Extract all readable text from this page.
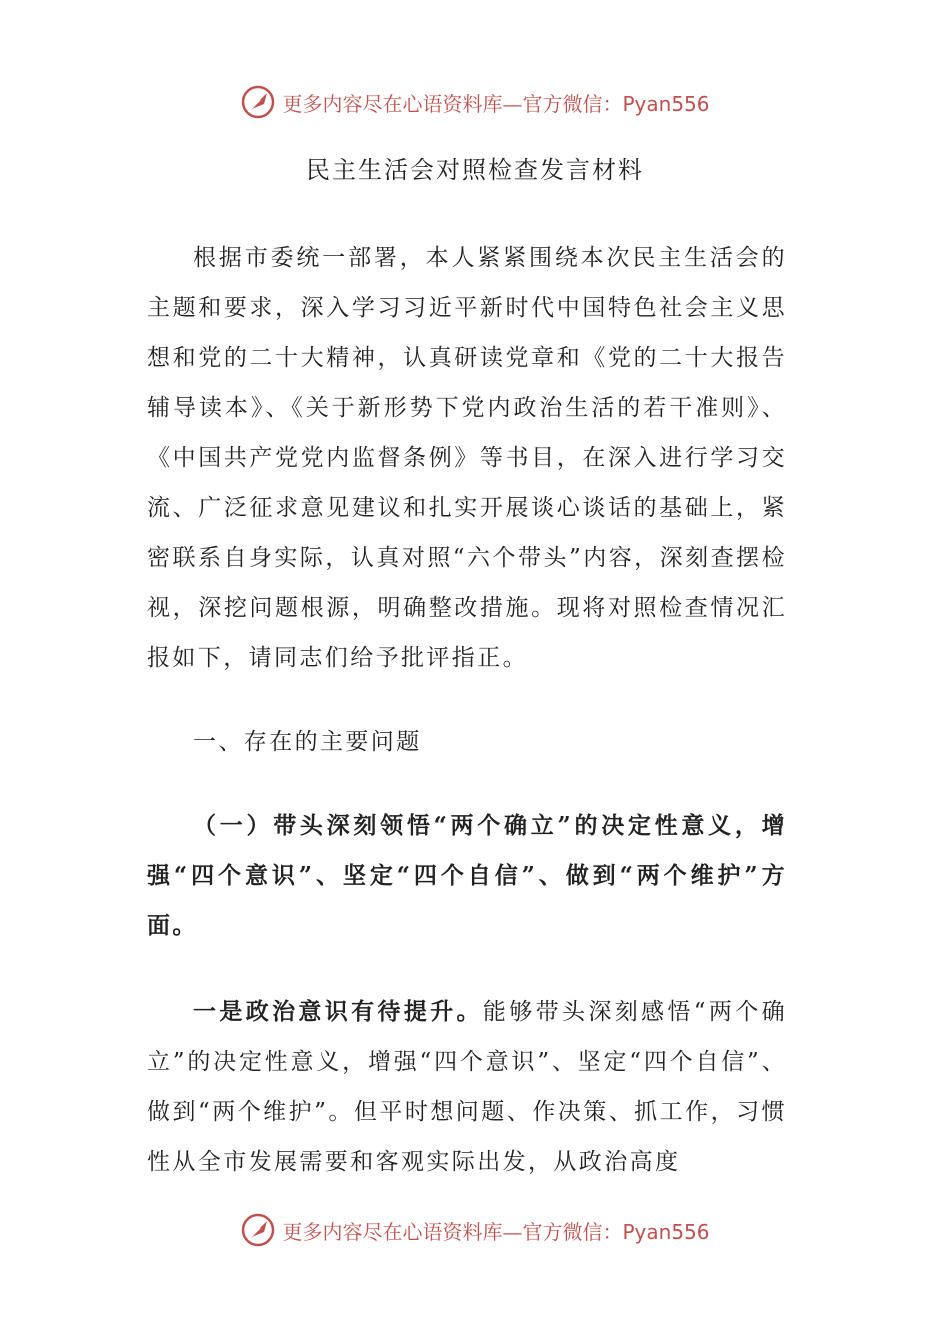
更多内容尽在心语资料库—官方微信：Pyan556
民主生活会对照检查发言材料

根据市委统一部署，本人紧紧围绕本次民主生活会的主题和要求，深入学习习近平新时代中国特色社会主义思想和党的二十大精神，认真研读党章和《党的二十大报告辅导读本》、《关于新形势下党内政治生活的若干准则》、《中国共产党党内监督条例》等书目，在深入进行学习交流、广泛征求意见建议和扎实开展谈心谈话的基础上，紧密联系自身实际，认真对照“六个带头”内容，深刻查摆检视，深挖问题根源，明确整改措施。现将对照检查情况汇报如下，请同志们给予批评指正。

一、存在的主要问题

（一）带头深刻领悟“两个确立”的决定性意义，增强“四个意识”、坚定“四个自信”、做到“两个维护”方面。

一是政治意识有待提升。能够带头深刻感悟“两个确立”的决定性意义，增强“四个意识”、坚定“四个自信”、做到“两个维护”。但平时想问题、作决策、抓工作，习惯性从全市发展需要和客观实际出发，从政治高度

更多内容尽在心语资料库—官方微信：Pyan556
